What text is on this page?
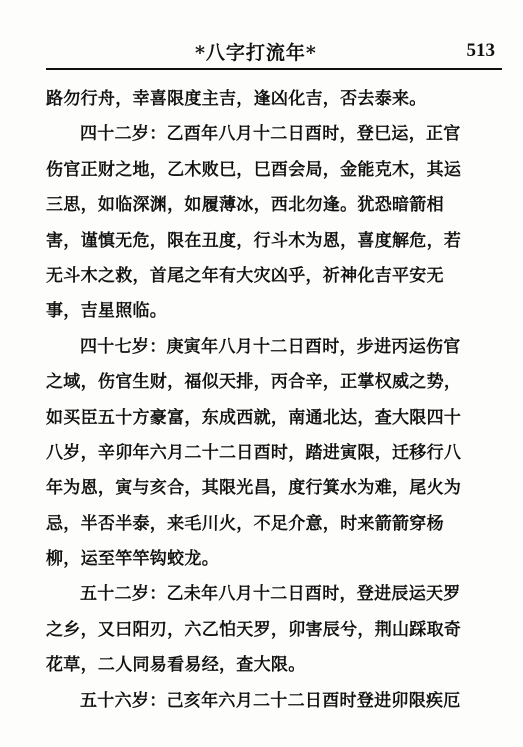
*八字打流年*	513
路勿行舟，幸喜限度主吉，逢凶化吉，否去泰来。
四十二岁：乙酉年八月十二日酉时，登巳运，正官
伤官正财之地，乙木败巳，巳酉会局，金能克木，其运
三思，如临深渊，如履薄冰，西北勿逢。犹恐暗箭相
害，谨慎无危，限在丑度，行斗木为恩，喜度解危，若
无斗木之救，首尾之年有大灾凶乎，祈神化吉平安无
事，吉星照临。
四十七岁：庚寅年八月十二日酉时，步进丙运伤官
之域，伤官生财，福似天排，丙合辛，正掌权威之势，
如买臣五十方豪富，东成西就，南通北达，查大限四十
八岁，辛卯年六月二十二日酉时，踏进寅限，迁移行八
年为恩，寅与亥合，其限光昌，度行箕水为难，尾火为
忌，半否半泰，来毛川火，不足介意，时来箭箭穿杨
柳，运至竿竿钩蛟龙。
五十二岁：乙未年八月十二日酉时，登进辰运天罗
之乡，又曰阳刃，六乙怕天罗，卯害辰兮，荆山踩取奇
花草，二人同易看易经，查大限。
五十六岁：己亥年六月二十二日酉时登进卯限疾厄
